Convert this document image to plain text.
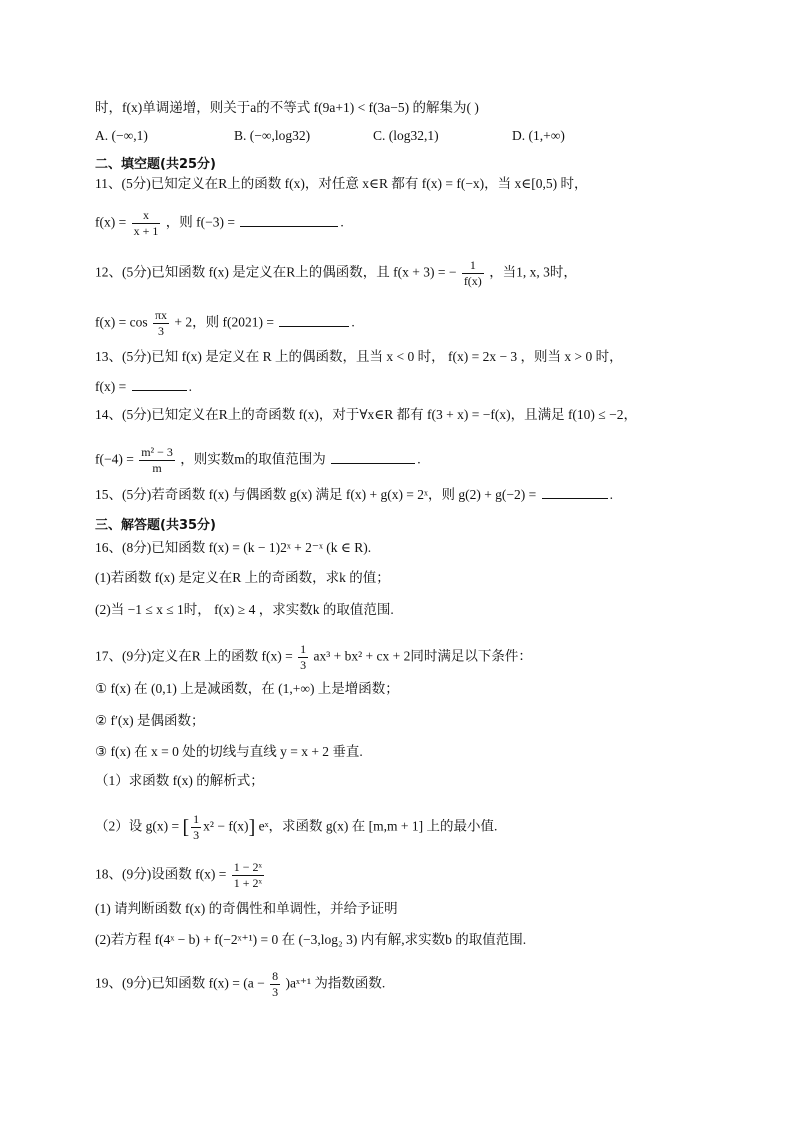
时，f(x)单调递增，则关于a的不等式 f(9a+1) < f(3a−5) 的解集为( )
A. (−∞,1)	B. (−∞,log32)	C. (log32,1)	D. (1,+∞)
二、填空题(共25分)
11、(5分)已知定义在R上的函数 f(x)，对任意 x∈R 都有 f(x) = f(−x)，当 x∈[0,5) 时，
$f(x) = \frac{x}{x + 1}$ ，则 f(−3) =	.
12、(5分)已知函数 f(x) 是定义在R上的偶函数，且 f(x + 3) = − $\frac{1}{f(x)}$ ，当1, x, 3时，
$f(x) = \cos \frac{\pi x}{3} + 2$，则 f(2021) =	.
13、(5分)已知 f(x) 是定义在 R 上的偶函数，且当 x < 0 时， f(x) = 2x − 3 ，则当 x > 0 时，
f(x) =	.
14、(5分)已知定义在R上的奇函数 f(x)，对于∀x∈R 都有 f(3 + x) = −f(x)，且满足 f(10) ≤ −2，
$f(-4) = \frac{\text{m² − 3}}{m}$ ，则实数m的取值范围为	.
15、(5分)若奇函数 f(x) 与偶函数 g(x) 满足 f(x) + g(x) = 2ˣ，则 g(2) + g(−2) =	.
三、解答题(共35分)
16、(8分)已知函数 f(x) = (k − 1)2ˣ + 2⁻ˣ (k ∈ R).
(1)若函数 f(x) 是定义在R 上的奇函数，求k 的值；
(2)当 −1 ≤ x ≤ 1时， f(x) ≥ 4 ，求实数k 的取值范围.
17、(9分)定义在R 上的函数 $f(x) = \frac{1}{3} ax^3 + bx^2$ + cx + 2同时满足以下条件：
① f(x) 在 (0,1) 上是减函数，在 (1,+∞) 上是增函数；
② f′(x) 是偶函数；
③ f(x) 在 x = 0 处的切线与直线 y = x + 2 垂直.
（1）求函数 f(x) 的解析式；
（2）设 g(x) = [ $\frac{1}{3} x^2 - f(x)$] eˣ，求函数 g(x) 在 [m,m + 1] 上的最小值.
18、(9分)设函数 $f(x) = \frac{\text{1 − 2ˣ}}{\text{1 + 2ˣ}}$
(1) 请判断函数 f(x) 的奇偶性和单调性，并给予证明
(2)若方程 f(4ˣ − b) + f(−2ˣ⁺¹) = 0 在 (−3,log₂ 3) 内有解,求实数b 的取值范围.
19、(9分)已知函数 $f(x) = (a - \frac{8}{3}$ )aˣ⁺¹ 为指数函数.
